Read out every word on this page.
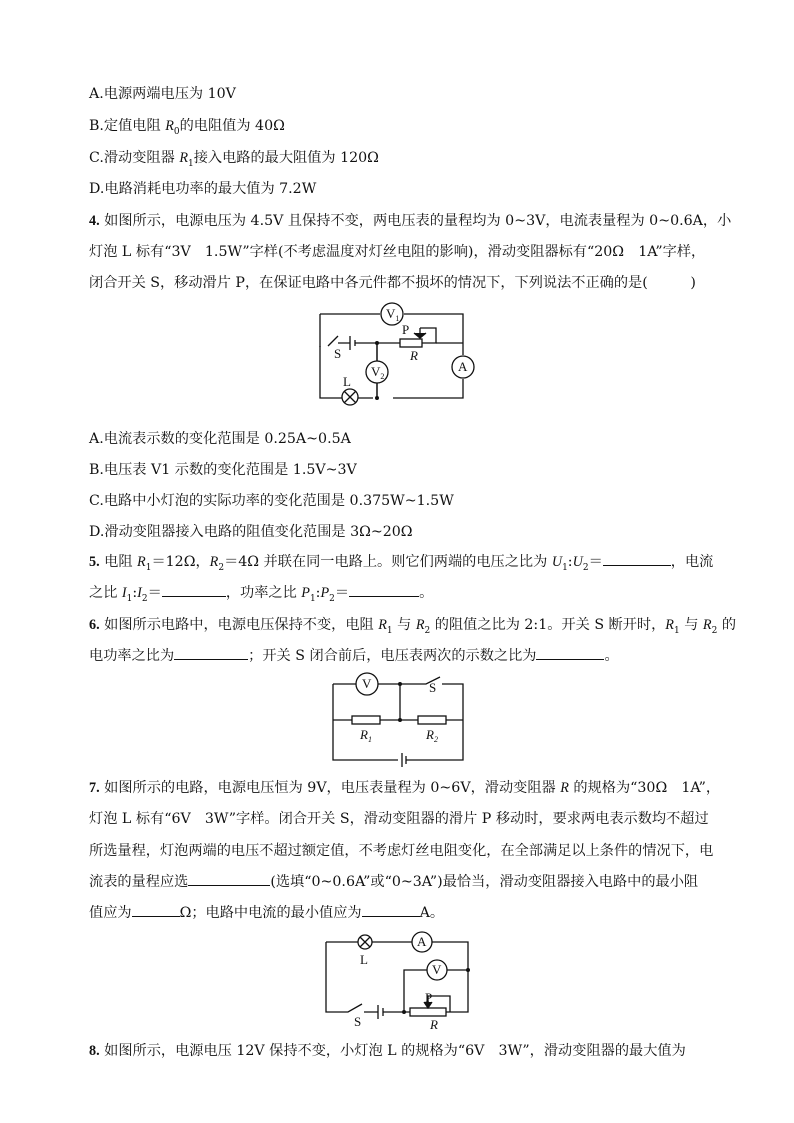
A.电源两端电压为 10V
B.定值电阻 $R_0$的电阻值为 40Ω
C.滑动变阻器 $R_1$接入电路的最大阻值为 120Ω
D.电路消耗电功率的最大值为 7.2W
4. 如图所示，电源电压为 4.5V 且保持不变，两电压表的量程均为 0~3V，电流表量程为 0~0.6A，小
灯泡 L 标有“3V　1.5W”字样(不考虑温度对灯丝电阻的影响)，滑动变阻器标有“20Ω　1A”字样，
闭合开关 S，移动滑片 P，在保证电路中各元件都不损坏的情况下，下列说法不正确的是(　　　)
$V_1$
$V_2$
P
R
S
L
A
A.电流表示数的变化范围是 0.25A~0.5A
B.电压表 V1 示数的变化范围是 1.5V~3V
C.电路中小灯泡的实际功率的变化范围是 0.375W~1.5W
D.滑动变阻器接入电路的阻值变化范围是 3Ω~20Ω
5. 电阻 $R_1=12\Omega$，$R_2=4\Omega$ 并联在同一电路上。则它们两端的电压之比为 $U_1:U_2=$	，电流
之比 $I_1:I_2=$	，功率之比 $P_1:P_2=$	。
6. 如图所示电路中，电源电压保持不变，电阻 $R_1$ 与 $R_2$ 的阻值之比为 2:1。开关 S 断开时，$R_1$ 与 $R_2$ 的
电功率之比为	；开关 S 闭合前后，电压表两次的示数之比为	。
V	S
$R_1$	$R_2$
7. 如图所示的电路，电源电压恒为 9V，电压表量程为 0~6V，滑动变阻器 R 的规格为“30Ω　1A”，
灯泡 L 标有“6V　3W”字样。闭合开关 S，滑动变阻器的滑片 P 移动时，要求两电表示数均不超过
所选量程，灯泡两端的电压不超过额定值，不考虑灯丝电阻变化，在全部满足以上条件的情况下，电
流表的量程应选	(选填“0~0.6A”或“0~3A”)最恰当，滑动变阻器接入电路中的最小阻
值应为	Ω；电路中电流的最小值应为	A。
L
A
V
P
R
S
8. 如图所示，电源电压 12V 保持不变，小灯泡 L 的规格为“6V　3W”，滑动变阻器的最大值为
